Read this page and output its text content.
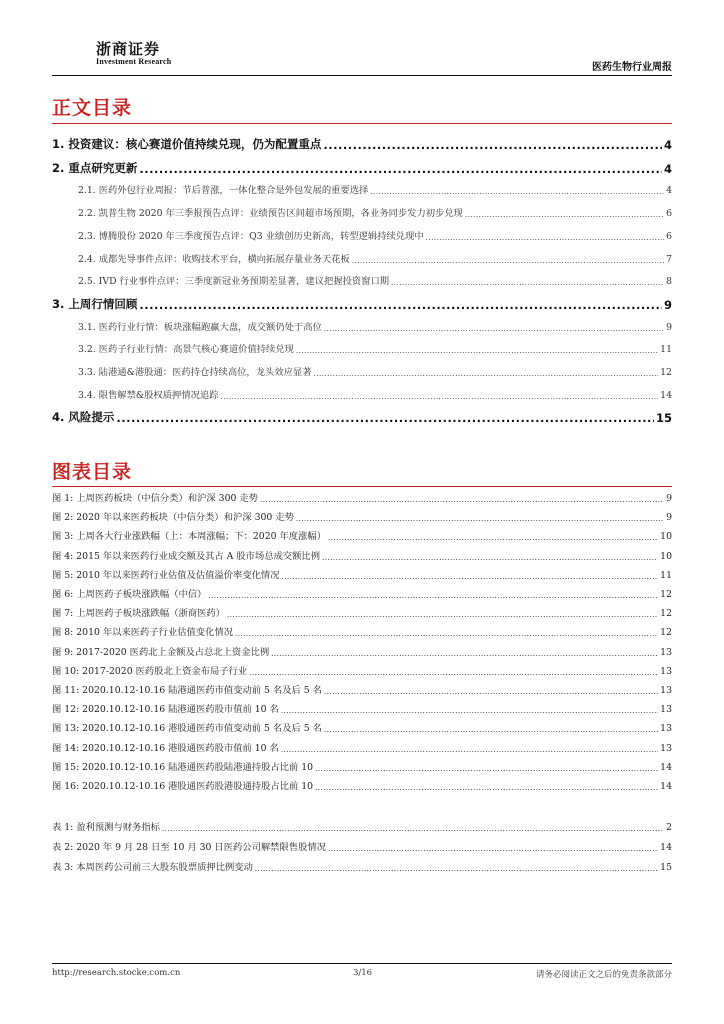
浙商证券
Investment Research
医药生物行业周报
正文目录
1. 投资建议：核心赛道价值持续兑现，仍为配置重点 .....	4
2. 重点研究更新 .....	4
2.1. 医药外包行业周报：节后普涨，一体化整合是外包发展的重要选择 .....	4
2.2. 凯普生物 2020 年三季报预告点评：业绩预告区间超市场预期，各业务同步发力初步兑现 .....	6
2.3. 博腾股份 2020 年三季度预告点评：Q3 业绩创历史新高，转型逻辑持续兑现中 .....	6
2.4. 成都先导事件点评：收购技术平台，横向拓展存量业务天花板 .....	7
2.5. IVD 行业事件点评：三季度新冠业务预期差显著，建议把握投资窗口期 .....	8
3. 上周行情回顾 .....	9
3.1. 医药行业行情：板块涨幅跑赢大盘，成交额仍处于高位 .....	9
3.2. 医药子行业行情：高景气核心赛道价值持续兑现 .....	11
3.3. 陆港通&港股通：医药持仓持续高位，龙头效应显著 .....	12
3.4. 限售解禁&股权质押情况追踪 .....	14
4. 风险提示 .....	15
图表目录
图 1: 上周医药板块（中信分类）和沪深 300 走势 .....	9
图 2: 2020 年以来医药板块（中信分类）和沪深 300 走势 .....	9
图 3: 上周各大行业涨跌幅（上：本周涨幅；下：2020 年度涨幅） .....	10
图 4: 2015 年以来医药行业成交额及其占 A 股市场总成交额比例 .....	10
图 5: 2010 年以来医药行业估值及估值溢价率变化情况 .....	11
图 6: 上周医药子板块涨跌幅（中信） .....	12
图 7: 上周医药子板块涨跌幅（浙商医药） .....	12
图 8: 2010 年以来医药子行业估值变化情况 .....	12
图 9: 2017-2020 医药北上金额及占总北上资金比例 .....	13
图 10: 2017-2020 医药股北上资金布局子行业 .....	13
图 11: 2020.10.12-10.16 陆港通医药市值变动前 5 名及后 5 名 .....	13
图 12: 2020.10.12-10.16 陆港通医药股市值前 10 名 .....	13
图 13: 2020.10.12-10.16 港股通医药市值变动前 5 名及后 5 名 .....	13
图 14: 2020.10.12-10.16 港股通医药股市值前 10 名 .....	13
图 15: 2020.10.12-10.16 陆港通医药股陆港通持股占比前 10 .....	14
图 16: 2020.10.12-10.16 港股通医药股港股通持股占比前 10 .....	14
表 1: 盈利预测与财务指标 .....	2
表 2: 2020 年 9 月 28 日至 10 月 30 日医药公司解禁限售股情况 .....	14
表 3: 本周医药公司前三大股东股票质押比例变动 .....	15
http://research.stocke.com.cn	3/16	请务必阅读正文之后的免责条款部分
